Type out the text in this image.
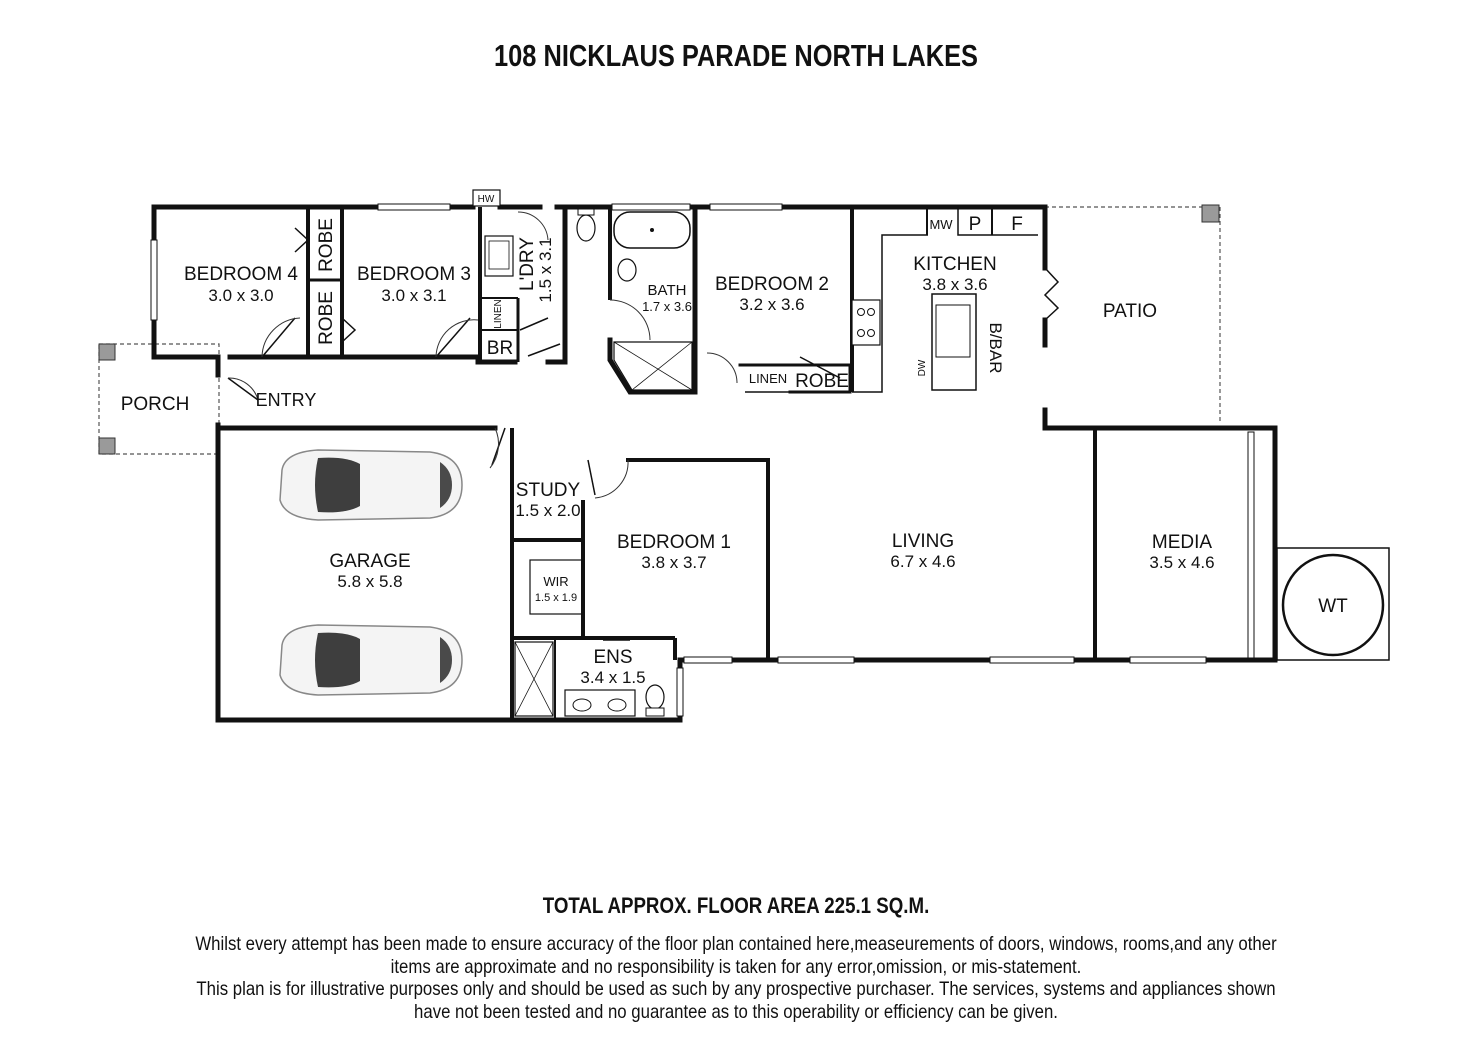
108 NICKLAUS PARADE NORTH LAKES
HW
MW P F
BEDROOM 4
3.0 x 3.0
BEDROOM 3
3.0 x 3.1
ROBE
ROBE
L'DRY
1.5 x 3.1
LINEN
BR
BATH
1.7 x 3.6
BEDROOM 2
3.2 x 3.6
LINEN ROBE
KITCHEN
3.8 x 3.6
B/BAR
DW
PATIO
PORCH	ENTRY
GARAGE
5.8 x 5.8
STUDY
1.5 x 2.0
WIR
1.5 x 1.9
BEDROOM 1
3.8 x 3.7
ENS
3.4 x 1.5
LIVING
6.7 x 4.6
MEDIA
3.5 x 4.6
WT
TOTAL APPROX. FLOOR AREA 225.1 SQ.M.
Whilst every attempt has been made to ensure accuracy of the floor plan contained here,measeurements of doors, windows, rooms,and any other
items are approximate and no responsibility is taken for any error,omission, or mis-statement.
This plan is for illustrative purposes only and should be used as such by any prospective purchaser. The services, systems and appliances shown
have not been tested and no guarantee as to this operability or efficiency can be given.
